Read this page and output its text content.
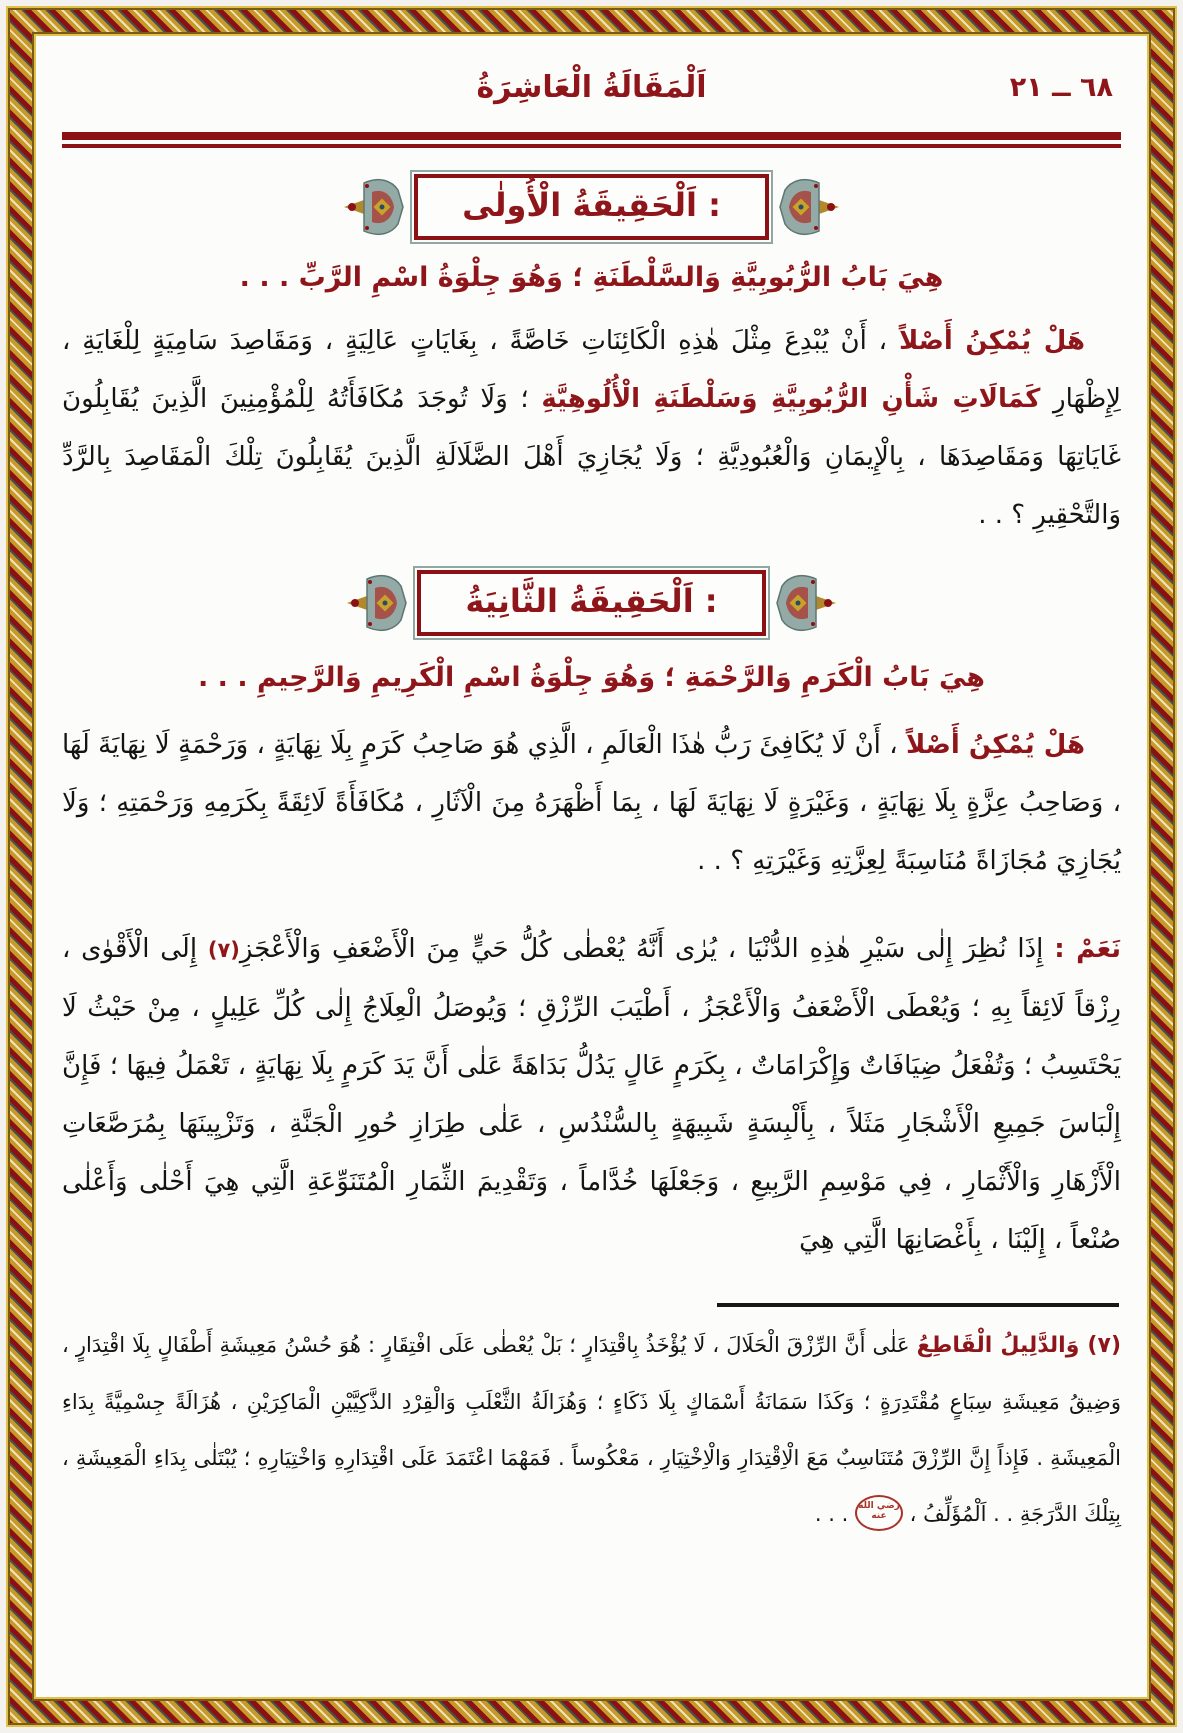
اَلْمَقَالَةُ الْعَاشِرَةُ	٦٨ ــ ٢١
اَلْحَقِيقَةُ الْأُولٰى :
هِيَ بَابُ الرُّبُوبِيَّةِ وَالسَّلْطَنَةِ ؛ وَهُوَ جِلْوَةُ اسْمِ الرَّبِّ . . .

هَلْ يُمْكِنُ أَصْلاً ، أَنْ يُبْدِعَ مِثْلَ هٰذِهِ الْكَائِنَاتِ خَاصَّةً ، بِغَايَاتٍ عَالِيَةٍ ، وَمَقَاصِدَ سَامِيَةٍ لِلْغَايَةِ ، لِإِظْهَارِ كَمَالَاتِ شَأْنِ الرُّبُوبِيَّةِ وَسَلْطَنَةِ الْأُلُوهِيَّةِ ؛ وَلَا تُوجَدَ مُكَافَأَتُهُ لِلْمُؤْمِنِينَ الَّذِينَ يُقَابِلُونَ غَايَاتِهَا وَمَقَاصِدَهَا ، بِالْإِيمَانِ وَالْعُبُودِيَّةِ ؛ وَلَا يُجَازِيَ أَهْلَ الضَّلَالَةِ الَّذِينَ يُقَابِلُونَ تِلْكَ الْمَقَاصِدَ بِالرَّدِّ وَالتَّحْقِيرِ ؟ . .

اَلْحَقِيقَةُ الثَّانِيَةُ :
هِيَ بَابُ الْكَرَمِ وَالرَّحْمَةِ ؛ وَهُوَ جِلْوَةُ اسْمِ الْكَرِيمِ وَالرَّحِيمِ . . .

هَلْ يُمْكِنُ أَصْلاً ، أَنْ لَا يُكَافِئَ رَبُّ هٰذَا الْعَالَمِ ، الَّذِي هُوَ صَاحِبُ كَرَمٍ بِلَا نِهَايَةٍ ، وَرَحْمَةٍ لَا نِهَايَةَ لَهَا ، وَصَاحِبُ عِزَّةٍ بِلَا نِهَايَةٍ ، وَغَيْرَةٍ لَا نِهَايَةَ لَهَا ، بِمَا أَظْهَرَهُ مِنَ الْآثَارِ ، مُكَافَأَةً لَائِقَةً بِكَرَمِهِ وَرَحْمَتِهِ ؛ وَلَا يُجَازِيَ مُجَازَاةً مُنَاسِبَةً لِعِزَّتِهِ وَغَيْرَتِهِ ؟ . .

نَعَمْ : إِذَا نُظِرَ إِلٰى سَيْرِ هٰذِهِ الدُّنْيَا ، يُرٰى أَنَّهُ يُعْطٰى كُلُّ حَيٍّ مِنَ الْأَضْعَفِ وَالْأَعْجَزِ(٧) إِلَى الْأَقْوٰى ، رِزْقاً لَائِقاً بِهِ ؛ وَيُعْطَى الْأَضْعَفُ وَالْأَعْجَزُ ، أَطْيَبَ الرِّزْقِ ؛ وَيُوصَلُ الْعِلَاجُ إِلٰى كُلِّ عَلِيلٍ ، مِنْ حَيْثُ لَا يَحْتَسِبُ ؛ وَتُفْعَلُ ضِيَافَاتٌ وَإِكْرَامَاتٌ ، بِكَرَمٍ عَالٍ يَدُلُّ بَدَاهَةً عَلٰى أَنَّ يَدَ كَرَمٍ بِلَا نِهَايَةٍ ، تَعْمَلُ فِيهَا ؛ فَإِنَّ إِلْبَاسَ جَمِيعِ الْأَشْجَارِ مَثَلاً ، بِأَلْبِسَةٍ شَبِيهَةٍ بِالسُّنْدُسِ ، عَلٰى طِرَازِ حُورِ الْجَنَّةِ ، وَتَزْيِينَهَا بِمُرَصَّعَاتِ الْأَزْهَارِ وَالْأَثْمَارِ ، فِي مَوْسِمِ الرَّبِيعِ ، وَجَعْلَهَا خُدَّاماً ، وَتَقْدِيمَ الثِّمَارِ الْمُتَنَوِّعَةِ الَّتِي هِيَ أَحْلٰى وَأَعْلٰى صُنْعاً ، إِلَيْنَا ، بِأَغْصَانِهَا الَّتِي هِيَ

(٧) وَالدَّلِيلُ الْقَاطِعُ عَلٰى أَنَّ الرِّزْقَ الْحَلَالَ ، لَا يُؤْخَذُ بِاقْتِدَارٍ ؛ بَلْ يُعْطٰى عَلَى افْتِقَارٍ : هُوَ حُسْنُ مَعِيشَةِ أَطْفَالٍ بِلَا اقْتِدَارٍ ، وَضِيقُ مَعِيشَةِ سِبَاعٍ مُقْتَدِرَةٍ ؛ وَكَذَا سَمَانَةُ أَسْمَاكٍ بِلَا ذَكَاءٍ ؛ وَهُزَالَةُ الثَّعْلَبِ وَالْقِرْدِ الذَّكِيَّيْنِ الْمَاكِرَيْنِ ، هُزَالَةً جِسْمِيَّةً بِدَاءِ الْمَعِيشَةِ . فَإِذاً إِنَّ الرِّزْقَ مُتَنَاسِبٌ مَعَ الْاِقْتِدَارِ وَالْاِخْتِيَارِ ، مَعْكُوساً . فَمَهْمَا اعْتَمَدَ عَلَى اقْتِدَارِهِ وَاخْتِيَارِهِ ؛ يُبْتَلٰى بِدَاءِ الْمَعِيشَةِ ، بِتِلْكَ الدَّرَجَةِ . . اَلْمُؤَلِّفُ ، رضي الله عنه . . .
